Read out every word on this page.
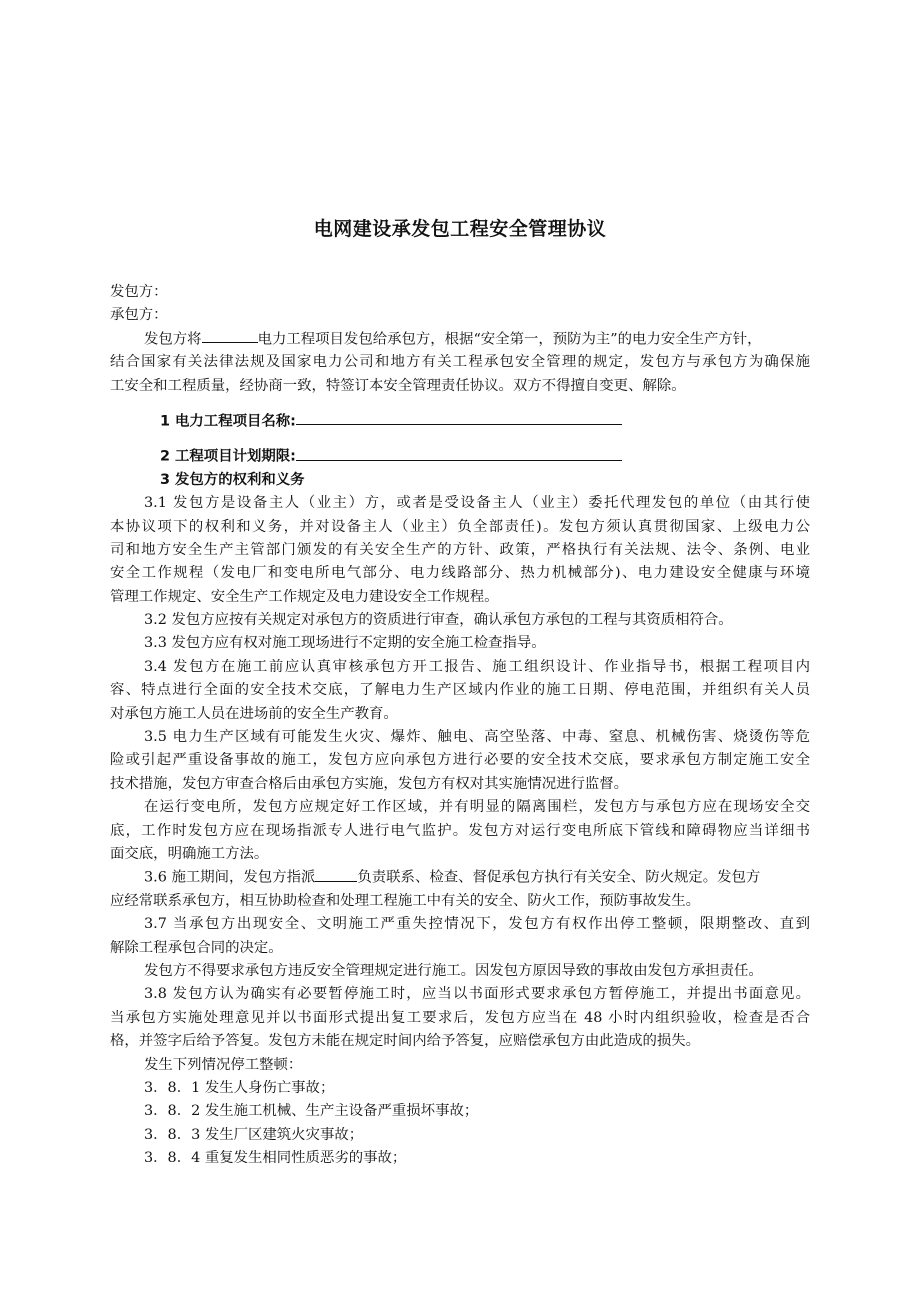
电网建设承发包工程安全管理协议
发包方：
承包方：
发包方将	电力工程项目发包给承包方，根据“安全第一，预防为主”的电力安全生产方针，
结合国家有关法律法规及国家电力公司和地方有关工程承包安全管理的规定，发包方与承包方为确保施
工安全和工程质量，经协商一致，特签订本安全管理责任协议。双方不得擅自变更、解除。
1 电力工程项目名称:
2 工程项目计划期限:
3 发包方的权利和义务
3.1 发包方是设备主人（业主）方，或者是受设备主人（业主）委托代理发包的单位（由其行使
本协议项下的权利和义务，并对设备主人（业主）负全部责任)。发包方须认真贯彻国家、上级电力公
司和地方安全生产主管部门颁发的有关安全生产的方针、政策，严格执行有关法规、法令、条例、电业
安全工作规程（发电厂和变电所电气部分、电力线路部分、热力机械部分)、电力建设安全健康与环境
管理工作规定、安全生产工作规定及电力建设安全工作规程。
3.2 发包方应按有关规定对承包方的资质进行审查，确认承包方承包的工程与其资质相符合。
3.3 发包方应有权对施工现场进行不定期的安全施工检查指导。
3.4 发包方在施工前应认真审核承包方开工报告、施工组织设计、作业指导书，根据工程项目内
容、特点进行全面的安全技术交底，了解电力生产区域内作业的施工日期、停电范围，并组织有关人员
对承包方施工人员在进场前的安全生产教育。
3.5 电力生产区域有可能发生火灾、爆炸、触电、高空坠落、中毒、窒息、机械伤害、烧烫伤等危
险或引起严重设备事故的施工，发包方应向承包方进行必要的安全技术交底，要求承包方制定施工安全
技术措施，发包方审查合格后由承包方实施，发包方有权对其实施情况进行监督。
在运行变电所，发包方应规定好工作区域，并有明显的隔离围栏，发包方与承包方应在现场安全交
底，工作时发包方应在现场指派专人进行电气监护。发包方对运行变电所底下管线和障碍物应当详细书
面交底，明确施工方法。
3.6 施工期间，发包方指派	负责联系、检查、督促承包方执行有关安全、防火规定。发包方
应经常联系承包方，相互协助检查和处理工程施工中有关的安全、防火工作，预防事故发生。
3.7 当承包方出现安全、文明施工严重失控情况下，发包方有权作出停工整顿，限期整改、直到
解除工程承包合同的决定。
发包方不得要求承包方违反安全管理规定进行施工。因发包方原因导致的事故由发包方承担责任。
3.8 发包方认为确实有必要暂停施工时，应当以书面形式要求承包方暂停施工，并提出书面意见。
当承包方实施处理意见并以书面形式提出复工要求后，发包方应当在 48 小时内组织验收，检查是否合
格，并签字后给予答复。发包方未能在规定时间内给予答复，应赔偿承包方由此造成的损失。
发生下列情况停工整顿：
3．8．1 发生人身伤亡事故；
3．8．2 发生施工机械、生产主设备严重损坏事故；
3．8．3 发生厂区建筑火灾事故；
3．8．4 重复发生相同性质恶劣的事故；
